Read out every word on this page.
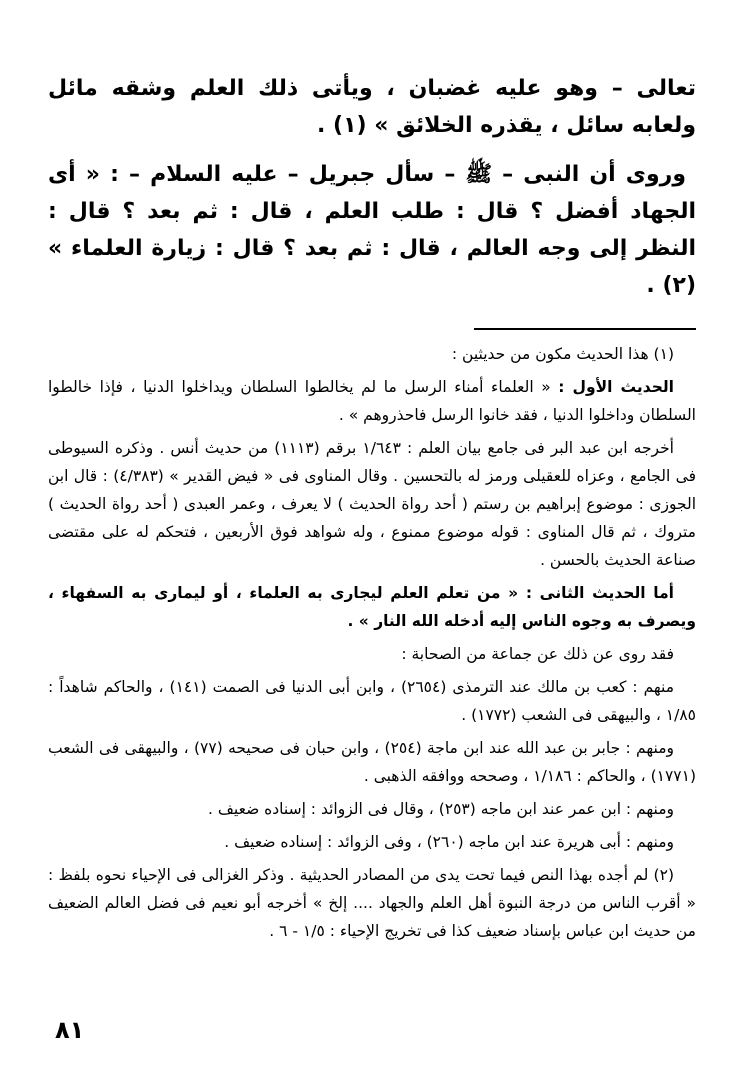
تعالى – وهو عليه غضبان ، ويأتى ذلك العلم وشقه مائل ولعابه سائل ، يقذره الخلائق » (١) .

وروى أن النبى – ﷺ – سأل جبريل – عليه السلام – : « أى الجهاد أفضل ؟ قال : طلب العلم ، قال : ثم بعد ؟ قال : النظر إلى وجه العالم ، قال : ثم بعد ؟ قال : زيارة العلماء » (٢) .

(١) هذا الحديث مكون من حديثين :

الحديث الأول : « العلماء أمناء الرسل ما لم يخالطوا السلطان ويداخلوا الدنيا ، فإذا خالطوا السلطان وداخلوا الدنيا ، فقد خانوا الرسل فاحذروهم » .

أخرجه ابن عبد البر فى جامع بيان العلم : ١/٦٤٣ برقم (١١١٣) من حديث أنس . وذكره السيوطى فى الجامع ، وعزاه للعقيلى ورمز له بالتحسين . وقال المناوى فى « فيض القدير » (٤/٣٨٣) : قال ابن الجوزى : موضوع إبراهيم بن رستم ( أحد رواة الحديث ) لا يعرف ، وعمر العبدى ( أحد رواة الحديث ) متروك ، ثم قال المناوى : قوله موضوع ممنوع ، وله شواهد فوق الأربعين ، فتحكم له على مقتضى صناعة الحديث بالحسن .

أما الحديث الثانى : « من تعلم العلم ليجارى به العلماء ، أو ليمارى به السفهاء ، ويصرف به وجوه الناس إليه أدخله الله النار » .

فقد روى عن ذلك عن جماعة من الصحابة :

منهم : كعب بن مالك عند الترمذى (٢٦٥٤) ، وابن أبى الدنيا فى الصمت (١٤١) ، والحاكم شاهداً : ١/٨٥ ، والبيهقى فى الشعب (١٧٧٢) .

ومنهم : جابر بن عبد الله عند ابن ماجة (٢٥٤) ، وابن حبان فى صحيحه (٧٧) ، والبيهقى فى الشعب (١٧٧١) ، والحاكم : ١/١٨٦ ، وصححه ووافقه الذهبى .

ومنهم : ابن عمر عند ابن ماجه (٢٥٣) ، وقال فى الزوائد : إسناده ضعيف .

ومنهم : أبى هريرة عند ابن ماجه (٢٦٠) ، وفى الزوائد : إسناده ضعيف .

(٢) لم أجده بهذا النص فيما تحت يدى من المصادر الحديثية . وذكر الغزالى فى الإحياء نحوه بلفظ : « أقرب الناس من درجة النبوة أهل العلم والجهاد .... إلخ » أخرجه أبو نعيم فى فضل العالم الضعيف من حديث ابن عباس بإسناد ضعيف كذا فى تخريج الإحياء : ١/٥ - ٦ .

٨١
